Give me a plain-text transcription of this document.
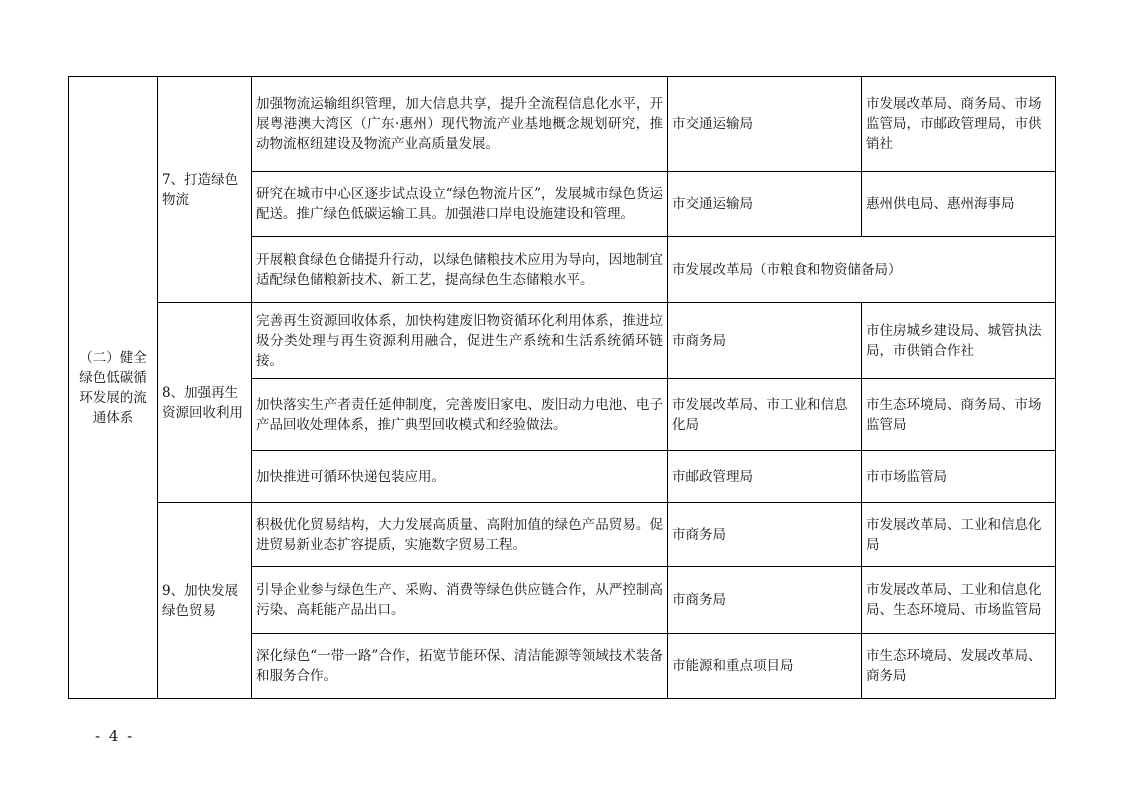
（二）健全绿色低碳循环发展的流通体系	7、打造绿色物流	加强物流运输组织管理，加大信息共享，提升全流程信息化水平，开展粤港澳大湾区（广东·惠州）现代物流产业基地概念规划研究，推动物流枢纽建设及物流产业高质量发展。	市交通运输局	市发展改革局、商务局、市场监管局，市邮政管理局，市供销社
		研究在城市中心区逐步试点设立“绿色物流片区”，发展城市绿色货运配送。推广绿色低碳运输工具。加强港口岸电设施建设和管理。	市交通运输局	惠州供电局、惠州海事局
		开展粮食绿色仓储提升行动，以绿色储粮技术应用为导向，因地制宜适配绿色储粮新技术、新工艺，提高绿色生态储粮水平。	市发展改革局（市粮食和物资储备局）	
	8、加强再生资源回收利用	完善再生资源回收体系，加快构建废旧物资循环化利用体系，推进垃圾分类处理与再生资源利用融合，促进生产系统和生活系统循环链接。	市商务局	市住房城乡建设局、城管执法局，市供销合作社
		加快落实生产者责任延伸制度，完善废旧家电、废旧动力电池、电子产品回收处理体系，推广典型回收模式和经验做法。	市发展改革局、市工业和信息化局	市生态环境局、商务局、市场监管局
		加快推进可循环快递包装应用。	市邮政管理局	市市场监管局
	9、加快发展绿色贸易	积极优化贸易结构，大力发展高质量、高附加值的绿色产品贸易。促进贸易新业态扩容提质，实施数字贸易工程。	市商务局	市发展改革局、工业和信息化局
		引导企业参与绿色生产、采购、消费等绿色供应链合作，从严控制高污染、高耗能产品出口。	市商务局	市发展改革局、工业和信息化局、生态环境局、市场监管局
		深化绿色“一带一路”合作，拓宽节能环保、清洁能源等领域技术装备和服务合作。	市能源和重点项目局	市生态环境局、发展改革局、商务局
- 4 -
